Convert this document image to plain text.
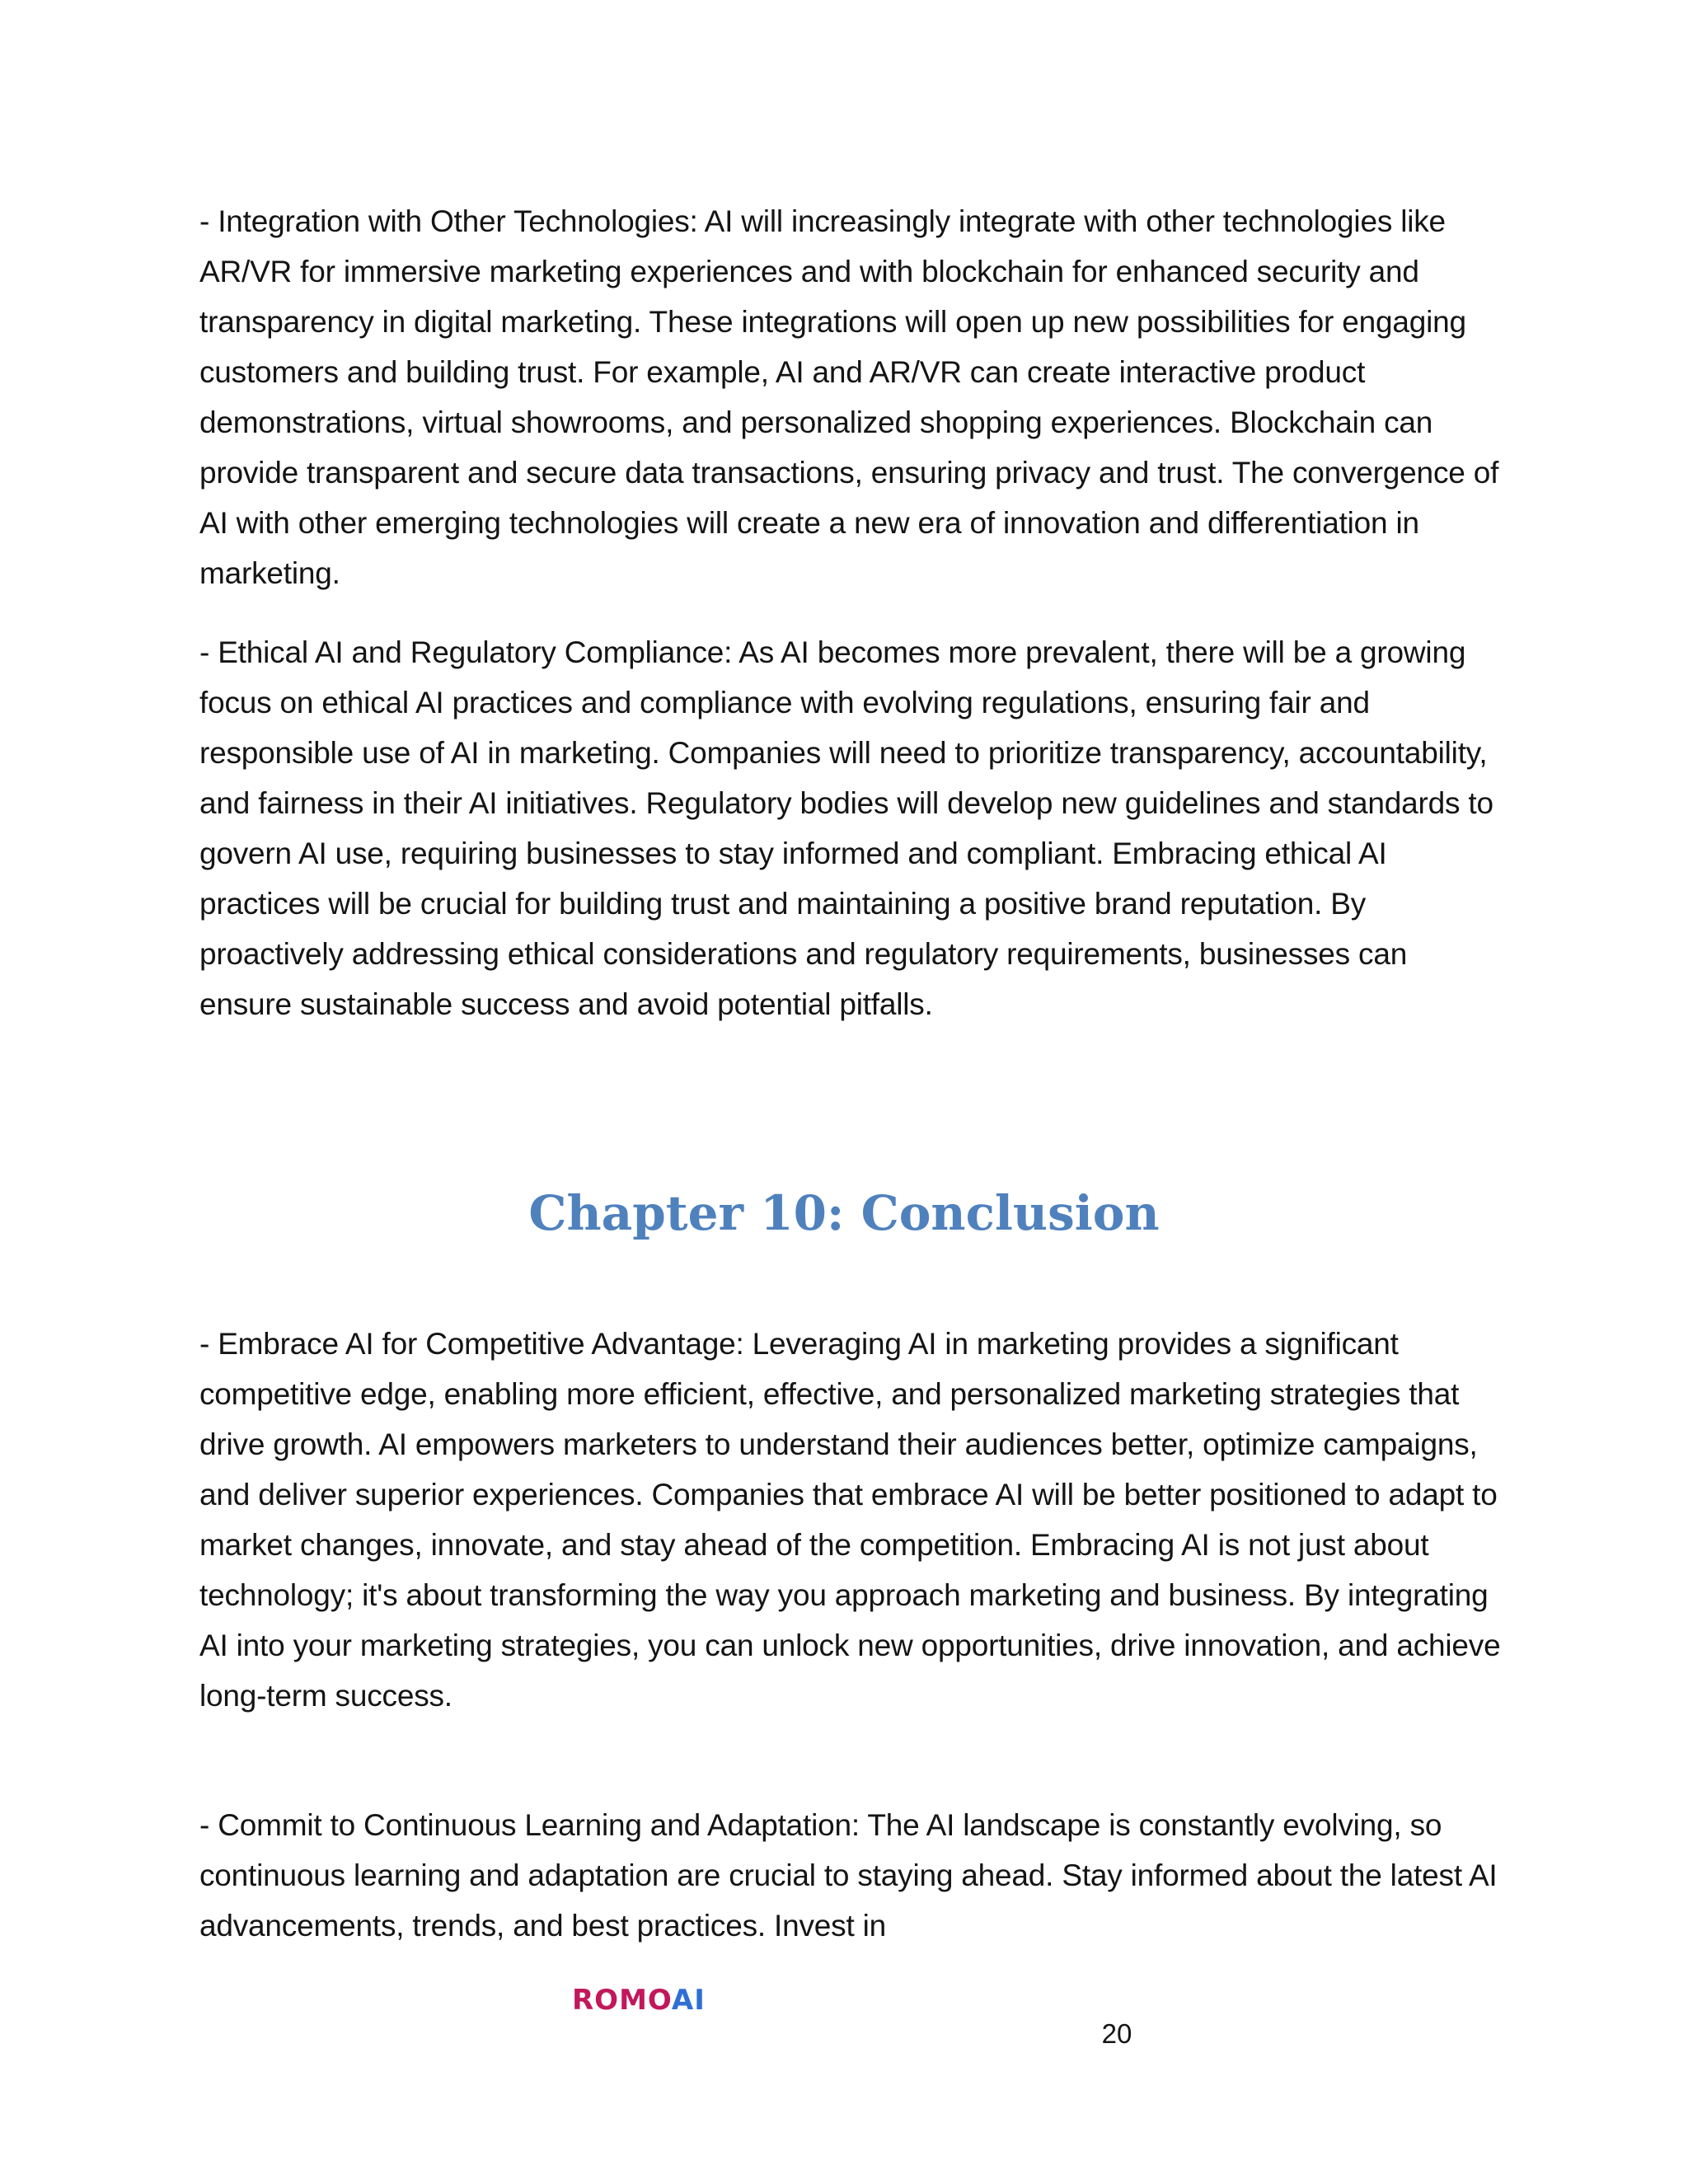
- Integration with Other Technologies: AI will increasingly integrate with other technologies like AR/VR for immersive marketing experiences and with blockchain for enhanced security and transparency in digital marketing. These integrations will open up new possibilities for engaging customers and building trust. For example, AI and AR/VR can create interactive product demonstrations, virtual showrooms, and personalized shopping experiences. Blockchain can provide transparent and secure data transactions, ensuring privacy and trust. The convergence of AI with other emerging technologies will create a new era of innovation and differentiation in marketing.

- Ethical AI and Regulatory Compliance: As AI becomes more prevalent, there will be a growing focus on ethical AI practices and compliance with evolving regulations, ensuring fair and responsible use of AI in marketing. Companies will need to prioritize transparency, accountability, and fairness in their AI initiatives. Regulatory bodies will develop new guidelines and standards to govern AI use, requiring businesses to stay informed and compliant. Embracing ethical AI practices will be crucial for building trust and maintaining a positive brand reputation. By proactively addressing ethical considerations and regulatory requirements, businesses can ensure sustainable success and avoid potential pitfalls.

Chapter 10: Conclusion

- Embrace AI for Competitive Advantage: Leveraging AI in marketing provides a significant competitive edge, enabling more efficient, effective, and personalized marketing strategies that drive growth. AI empowers marketers to understand their audiences better, optimize campaigns, and deliver superior experiences. Companies that embrace AI will be better positioned to adapt to market changes, innovate, and stay ahead of the competition. Embracing AI is not just about technology; it's about transforming the way you approach marketing and business. By integrating AI into your marketing strategies, you can unlock new opportunities, drive innovation, and achieve long-term success.

- Commit to Continuous Learning and Adaptation: The AI landscape is constantly evolving, so continuous learning and adaptation are crucial to staying ahead. Stay informed about the latest AI advancements, trends, and best practices. Invest in

ROMOAI
20
